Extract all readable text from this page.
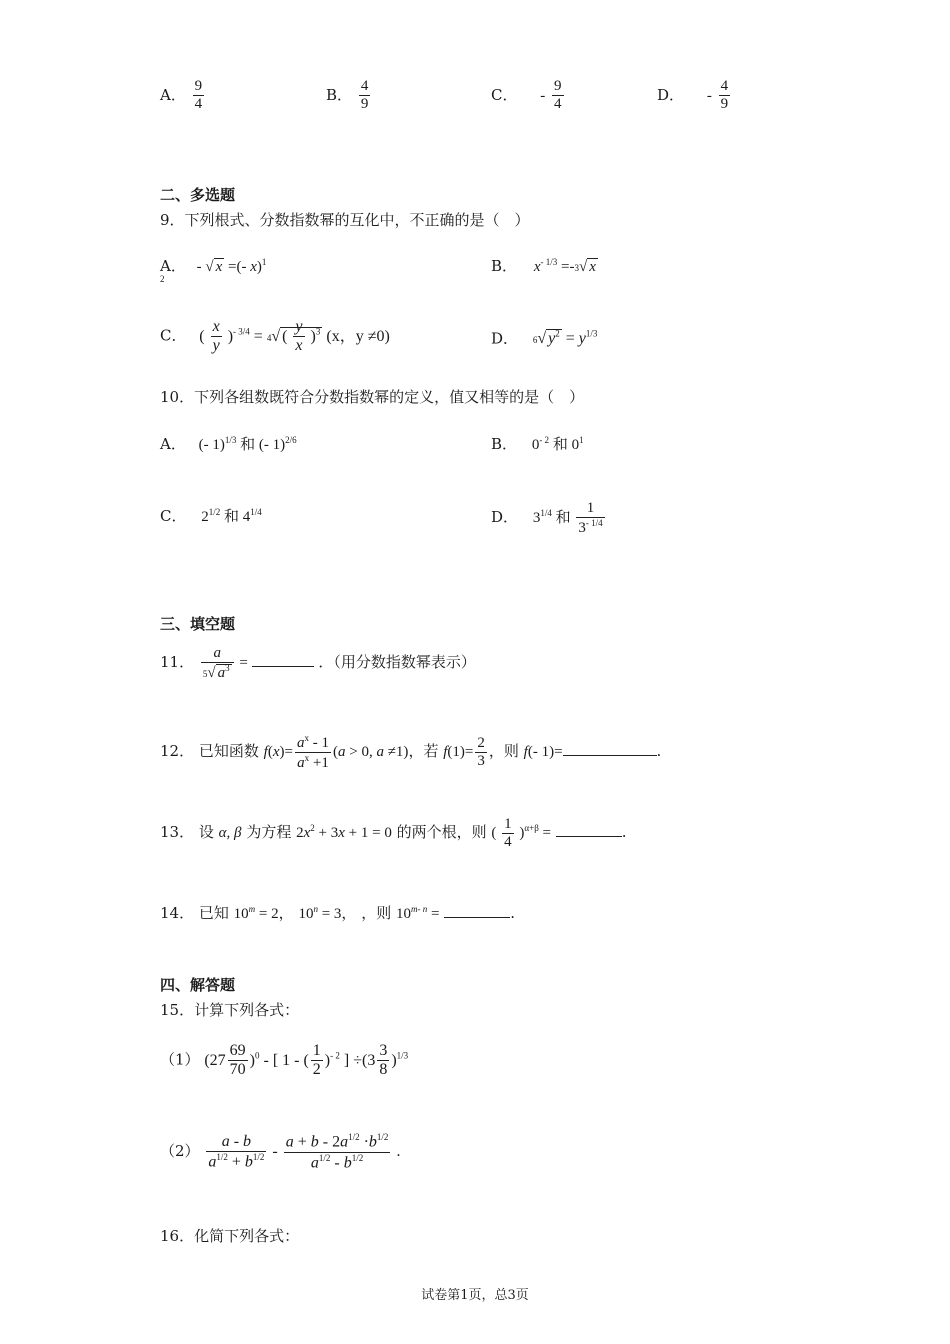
A． $\frac{9}{4}$	B． $\frac{4}{9}$	C． - $\frac{9}{4}$	D． - $\frac{4}{9}$
二、多选题
9．下列根式、分数指数幂的互化中，不正确的是（　）
A． - √ x =(- x)$^{1 2}$
B． $x^{- 1/3} =-3√$ x
C． ( $\frac{x}{y} )^{- 3/4} = 4√$ ( $\frac{y}{x} )^3$ (x，y ≠0)	D． 6√ $y^2 = y^{1/3}$
10．下列各组数既符合分数指数幂的定义，值又相等的是（　）
A． (- 1)$^{1/3}$ 和 (- 1)$^{2/6}$	B． $0^{- 2}$ 和 $0^1$
C． $2^{1/2}$ 和 $4^{1/4}$	D． $3^{1/4}$ 和 $\frac{1}{3^{- 1/4}}$
三、填空题
11． $\frac{a}{5√ a^3}$ =	．（用分数指数幂表示）
12． 已知函数 $f(x)= \frac{a^x - 1}{a^x +1} (a > 0$, a ≠1)，若 $f(1)= \frac{2}{3}$ ，则 f(- 1)=	.
13． 设 α, β 为方程 $2x^2 + 3x + 1 = 0$ 的两个根，则 ( $\frac{1}{4} )^{\alpha+\beta}$ =	.
14． 已知 $10^m = 2$， $10^n = 3$， ，则 $10^{m- n}$ =	.
四、解答题
15．计算下列各式：
（1） $(27 \frac{69}{70} )^0$ - [ 1 - ( $\frac{1}{2} )^{- 2}$ ] $\div(3 \frac{3}{8} )^{1/3}$
$(2) \frac{a - b}{a^{1/2} + b^{1/2}} - \frac{a + b - 2a^{1/2} \cdot b^{1/2}}{a^{1/2} - b^{1/2}}$ .
16．化简下列各式：
试卷第1页，总3页
